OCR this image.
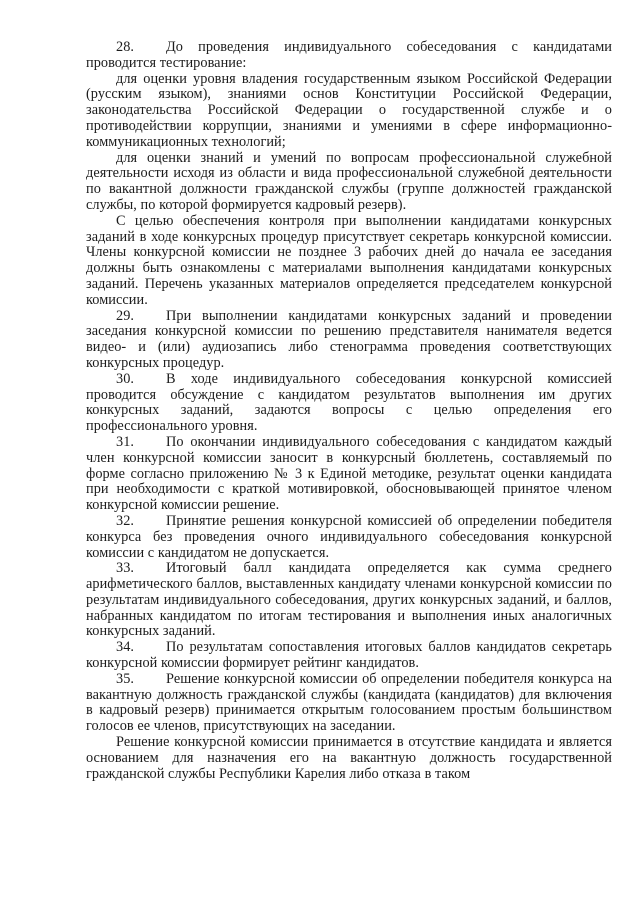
28. До проведения индивидуального собеседования с кандидатами проводится тестирование:

для оценки уровня владения государственным языком Российской Федерации (русским языком), знаниями основ Конституции Российской Федерации, законодательства Российской Федерации о государственной службе и о противодействии коррупции, знаниями и умениями в сфере информационно-коммуникационных технологий;

для оценки знаний и умений по вопросам профессиональной служебной деятельности исходя из области и вида профессиональной служебной деятельности по вакантной должности гражданской службы (группе должностей гражданской службы, по которой формируется кадровый резерв).

С целью обеспечения контроля при выполнении кандидатами конкурсных заданий в ходе конкурсных процедур присутствует секретарь конкурсной комиссии. Члены конкурсной комиссии не позднее 3 рабочих дней до начала ее заседания должны быть ознакомлены с материалами выполнения кандидатами конкурсных заданий. Перечень указанных материалов определяется председателем конкурсной комиссии.

29. При выполнении кандидатами конкурсных заданий и проведении заседания конкурсной комиссии по решению представителя нанимателя ведется видео- и (или) аудиозапись либо стенограмма проведения соответствующих конкурсных процедур.

30. В ходе индивидуального собеседования конкурсной комиссией проводится обсуждение с кандидатом результатов выполнения им других конкурсных заданий, задаются вопросы с целью определения его профессионального уровня.

31. По окончании индивидуального собеседования с кандидатом каждый член конкурсной комиссии заносит в конкурсный бюллетень, составляемый по форме согласно приложению № 3 к Единой методике, результат оценки кандидата при необходимости с краткой мотивировкой, обосновывающей принятое членом конкурсной комиссии решение.

32. Принятие решения конкурсной комиссией об определении победителя конкурса без проведения очного индивидуального собеседования конкурсной комиссии с кандидатом не допускается.

33. Итоговый балл кандидата определяется как сумма среднего арифметического баллов, выставленных кандидату членами конкурсной комиссии по результатам индивидуального собеседования, других конкурсных заданий, и баллов, набранных кандидатом по итогам тестирования и выполнения иных аналогичных конкурсных заданий.

34. По результатам сопоставления итоговых баллов кандидатов секретарь конкурсной комиссии формирует рейтинг кандидатов.

35. Решение конкурсной комиссии об определении победителя конкурса на вакантную должность гражданской службы (кандидата (кандидатов) для включения в кадровый резерв) принимается открытым голосованием простым большинством голосов ее членов, присутствующих на заседании.

Решение конкурсной комиссии принимается в отсутствие кандидата и является основанием для назначения его на вакантную должность государственной гражданской службы Республики Карелия либо отказа в таком
